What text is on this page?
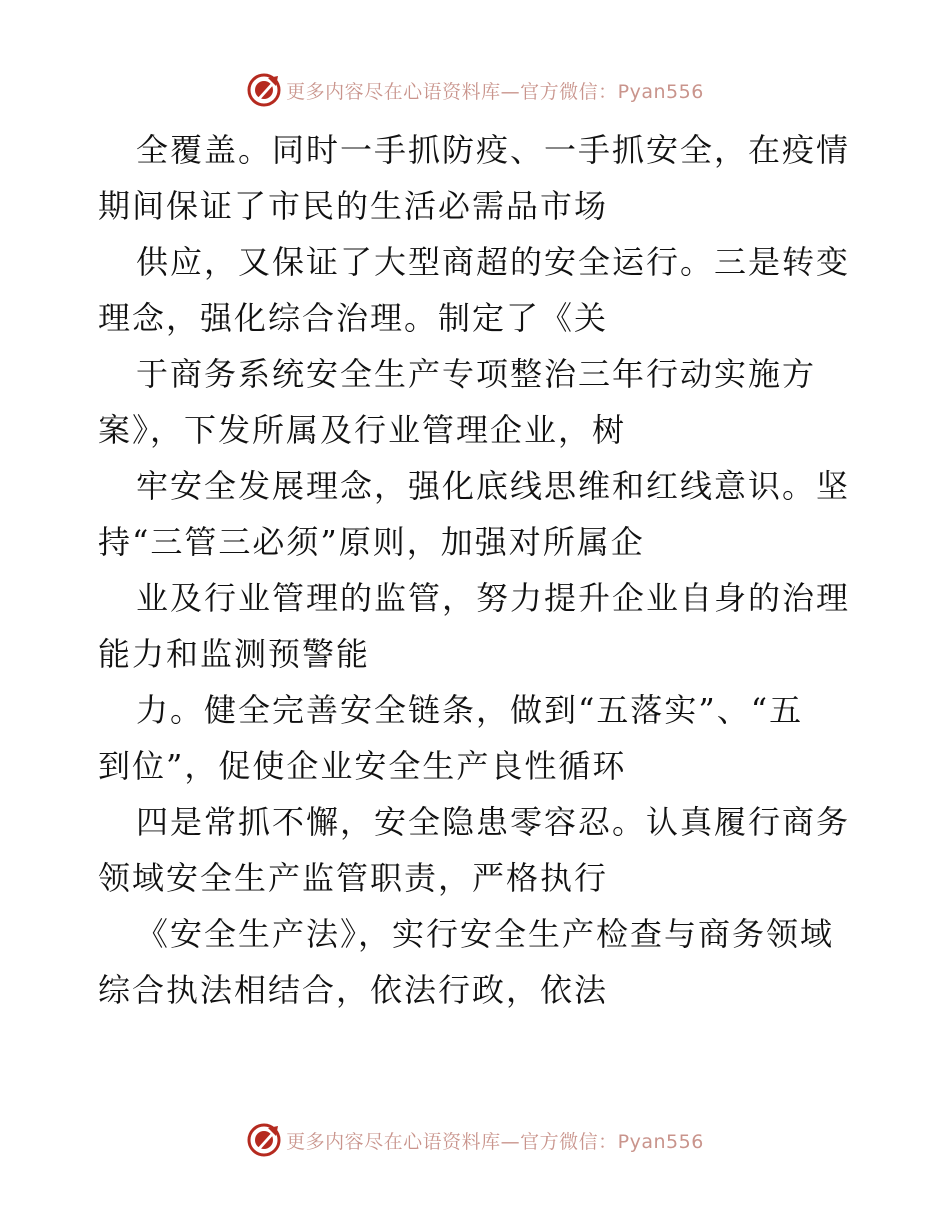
更多内容尽在心语资料库—官方微信：Pyan556

全覆盖。同时一手抓防疫、一手抓安全，在疫情
期间保证了市民的生活必需品市场

供应，又保证了大型商超的安全运行。三是转变
理念，强化综合治理。制定了《关

于商务系统安全生产专项整治三年行动实施方
案》，下发所属及行业管理企业，树

牢安全发展理念，强化底线思维和红线意识。坚
持“三管三必须”原则，加强对所属企

业及行业管理的监管，努力提升企业自身的治理
能力和监测预警能

力。健全完善安全链条，做到“五落实”、“五
到位”，促使企业安全生产良性循环

四是常抓不懈，安全隐患零容忍。认真履行商务
领域安全生产监管职责，严格执行

《安全生产法》，实行安全生产检查与商务领域
综合执法相结合，依法行政，依法

更多内容尽在心语资料库—官方微信：Pyan556
